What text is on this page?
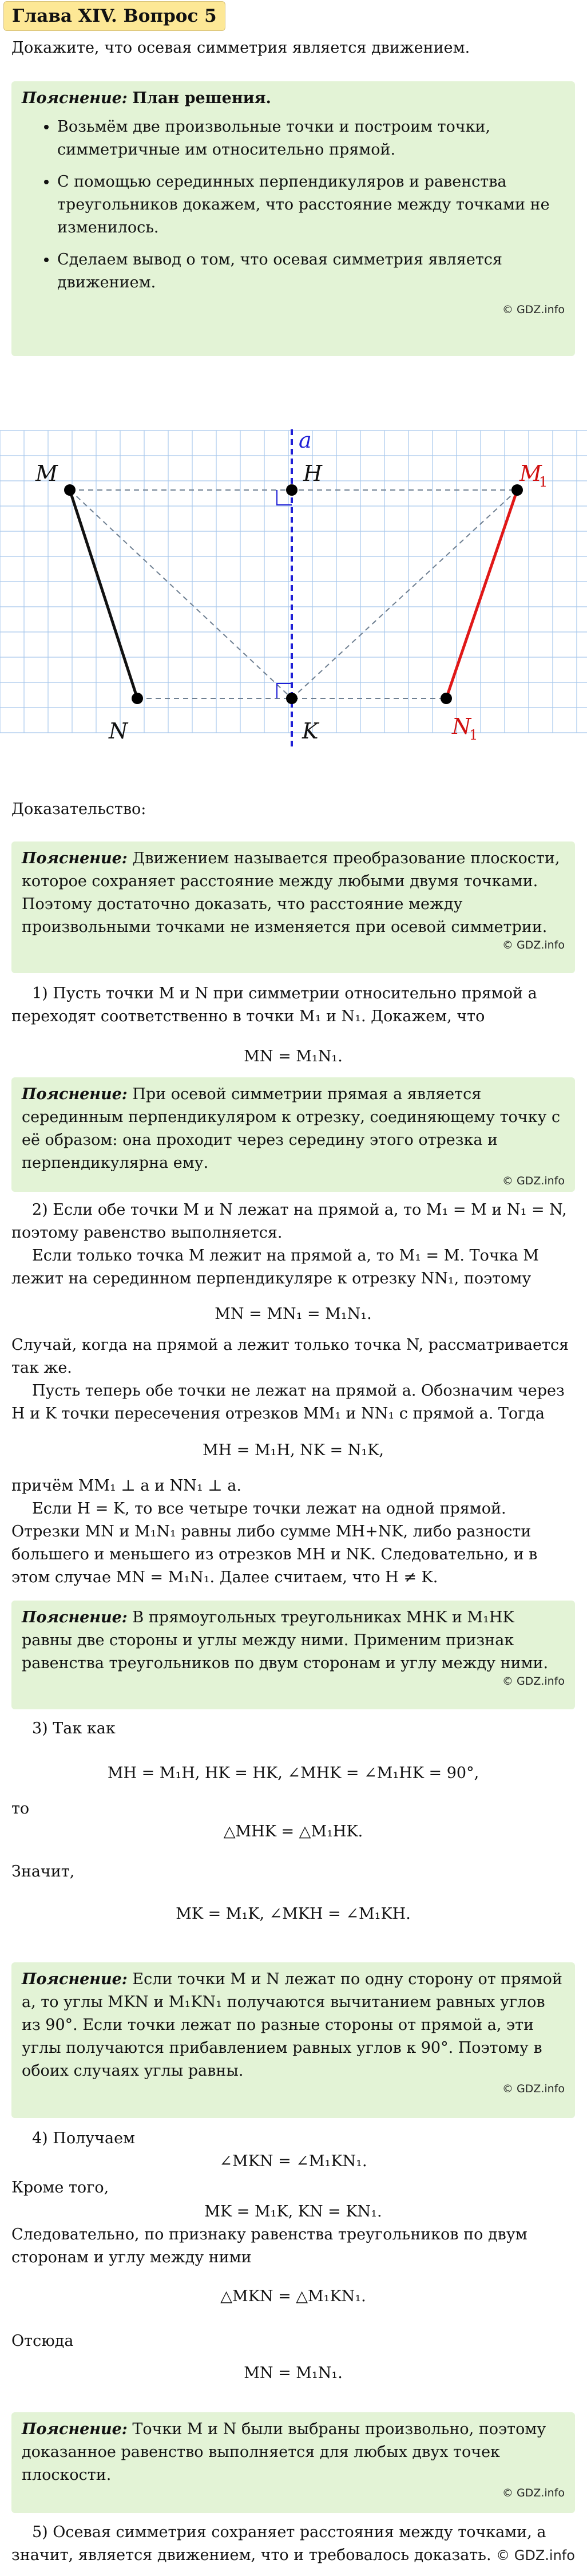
Глава XIV. Вопрос 5
Докажите, что осевая симметрия является движением.
Пояснение: План решения.
• Возьмём две произвольные точки и построим точки, симметричные им относительно прямой.
• С помощью серединных перпендикуляров и равенства треугольников докажем, что расстояние между точками не изменилось.
• Сделаем вывод о том, что осевая симметрия является движением.
© GDZ.info
a
M	H	M
1
N	K	N
1
Доказательство:
Пояснение: Движением называется преобразование плоскости, которое сохраняет расстояние между любыми двумя точками. Поэтому достаточно доказать, что расстояние между произвольными точками не изменяется при осевой симметрии.
© GDZ.info
1) Пусть точки M и N при симметрии относительно прямой a переходят соответственно в точки M₁ и N₁. Докажем, что
MN = M₁N₁.
Пояснение: При осевой симметрии прямая a является серединным перпендикуляром к отрезку, соединяющему точку с её образом: она проходит через середину этого отрезка и перпендикулярна ему.
© GDZ.info
2) Если обе точки M и N лежат на прямой a, то M₁ = M и N₁ = N, поэтому равенство выполняется.
Если только точка M лежит на прямой a, то M₁ = M. Точка M лежит на серединном перпендикуляре к отрезку NN₁, поэтому
MN = MN₁ = M₁N₁.
Случай, когда на прямой a лежит только точка N, рассматривается так же.
Пусть теперь обе точки не лежат на прямой a. Обозначим через H и K точки пересечения отрезков MM₁ и NN₁ с прямой a. Тогда
MH = M₁H, NK = N₁K,
причём MM₁ ⊥ a и NN₁ ⊥ a.
Если H = K, то все четыре точки лежат на одной прямой. Отрезки MN и M₁N₁ равны либо сумме MH+NK, либо разности большего и меньшего из отрезков MH и NK. Следовательно, и в этом случае MN = M₁N₁. Далее считаем, что H ≠ K.
Пояснение: В прямоугольных треугольниках MHK и M₁HK равны две стороны и углы между ними. Применим признак равенства треугольников по двум сторонам и углу между ними.
© GDZ.info
3) Так как
MH = M₁H, HK = HK, ∠MHK = ∠M₁HK = 90°,
то
△MHK = △M₁HK.
Значит,
MK = M₁K, ∠MKH = ∠M₁KH.
Пояснение: Если точки M и N лежат по одну сторону от прямой a, то углы MKN и M₁KN₁ получаются вычитанием равных углов из 90°. Если точки лежат по разные стороны от прямой a, эти углы получаются прибавлением равных углов к 90°. Поэтому в обоих случаях углы равны.
© GDZ.info
4) Получаем
∠MKN = ∠M₁KN₁.
Кроме того,
MK = M₁K, KN = KN₁.
Следовательно, по признаку равенства треугольников по двум сторонам и углу между ними
△MKN = △M₁KN₁.
Отсюда
MN = M₁N₁.
Пояснение: Точки M и N были выбраны произвольно, поэтому доказанное равенство выполняется для любых двух точек плоскости.
© GDZ.info
5) Осевая симметрия сохраняет расстояния между точками, а значит, является движением, что и требовалось доказать. © GDZ.info
